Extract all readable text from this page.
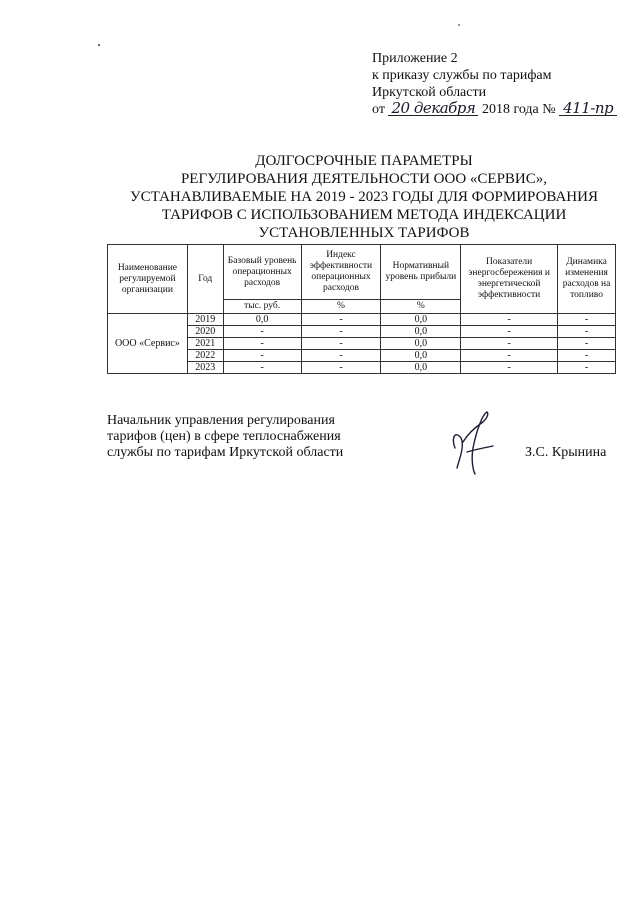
Приложение 2
к приказу службы по тарифам
Иркутской области
от 20 декабря 2018 года № 411-пр
ДОЛГОСРОЧНЫЕ ПАРАМЕТРЫ
РЕГУЛИРОВАНИЯ ДЕЯТЕЛЬНОСТИ ООО «СЕРВИС»,
УСТАНАВЛИВАЕМЫЕ НА 2019 - 2023 ГОДЫ ДЛЯ ФОРМИРОВАНИЯ
ТАРИФОВ С ИСПОЛЬЗОВАНИЕМ МЕТОДА ИНДЕКСАЦИИ
УСТАНОВЛЕННЫХ ТАРИФОВ
Наименование регулируемой организации	Год	Базовый уровень операционных расходов	Индекс эффективности операционных расходов	Нормативный уровень прибыли	Показатели энергосбережения и энергетической эффективности	Динамика изменения расходов на топливо
		тыс. руб.	%	%		
ООО «Сервис»	2019	0,0	-	0,0	-	-
	2020	-	-	0,0	-	-
	2021	-	-	0,0	-	-
	2022	-	-	0,0	-	-
	2023	-	-	0,0	-	-
Начальник управления регулирования
тарифов (цен) в сфере теплоснабжения
службы по тарифам Иркутской области	З.С. Крынина
